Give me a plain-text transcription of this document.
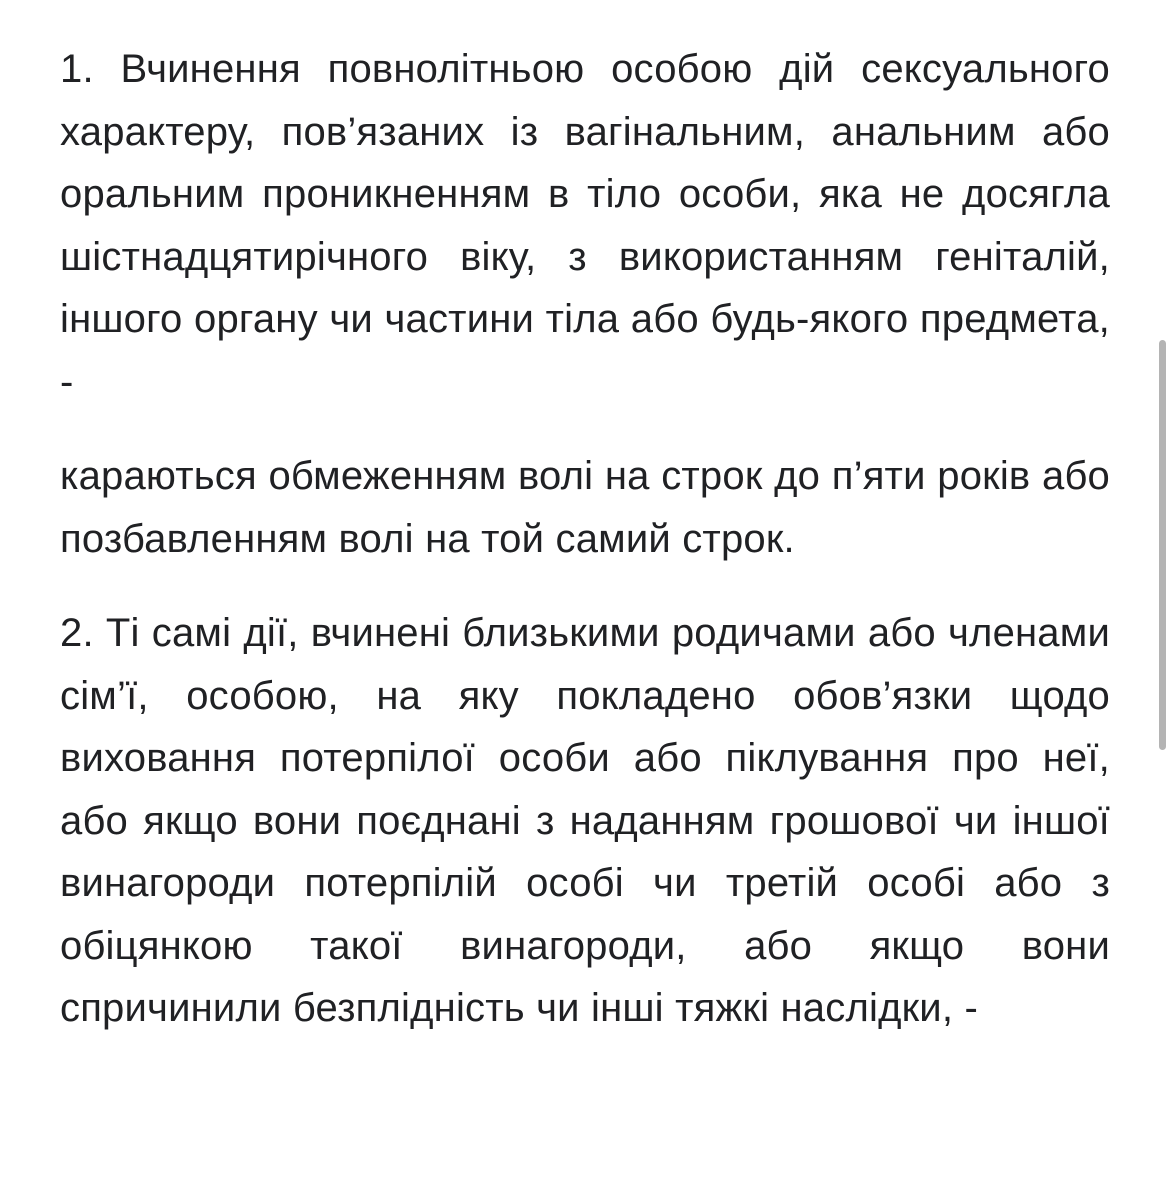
1. Вчинення повнолітньою особою дій сексуального характеру, пов’язаних із вагінальним, анальним або оральним проникненням в тіло особи, яка не досягла шістнадцятирічного віку, з використанням геніталій, іншого органу чи частини тіла або будь-якого предмета, -

караються обмеженням волі на строк до п’яти років або позбавленням волі на той самий строк.

2. Ті самі дії, вчинені близькими родичами або членами сім’ї, особою, на яку покладено обов’язки щодо виховання потерпілої особи або піклування про неї, або якщо вони поєднані з наданням грошової чи іншої винагороди потерпілій особі чи третій особі або з обіцянкою такої винагороди, або якщо вони спричинили безплідність чи інші тяжкі наслідки, -
